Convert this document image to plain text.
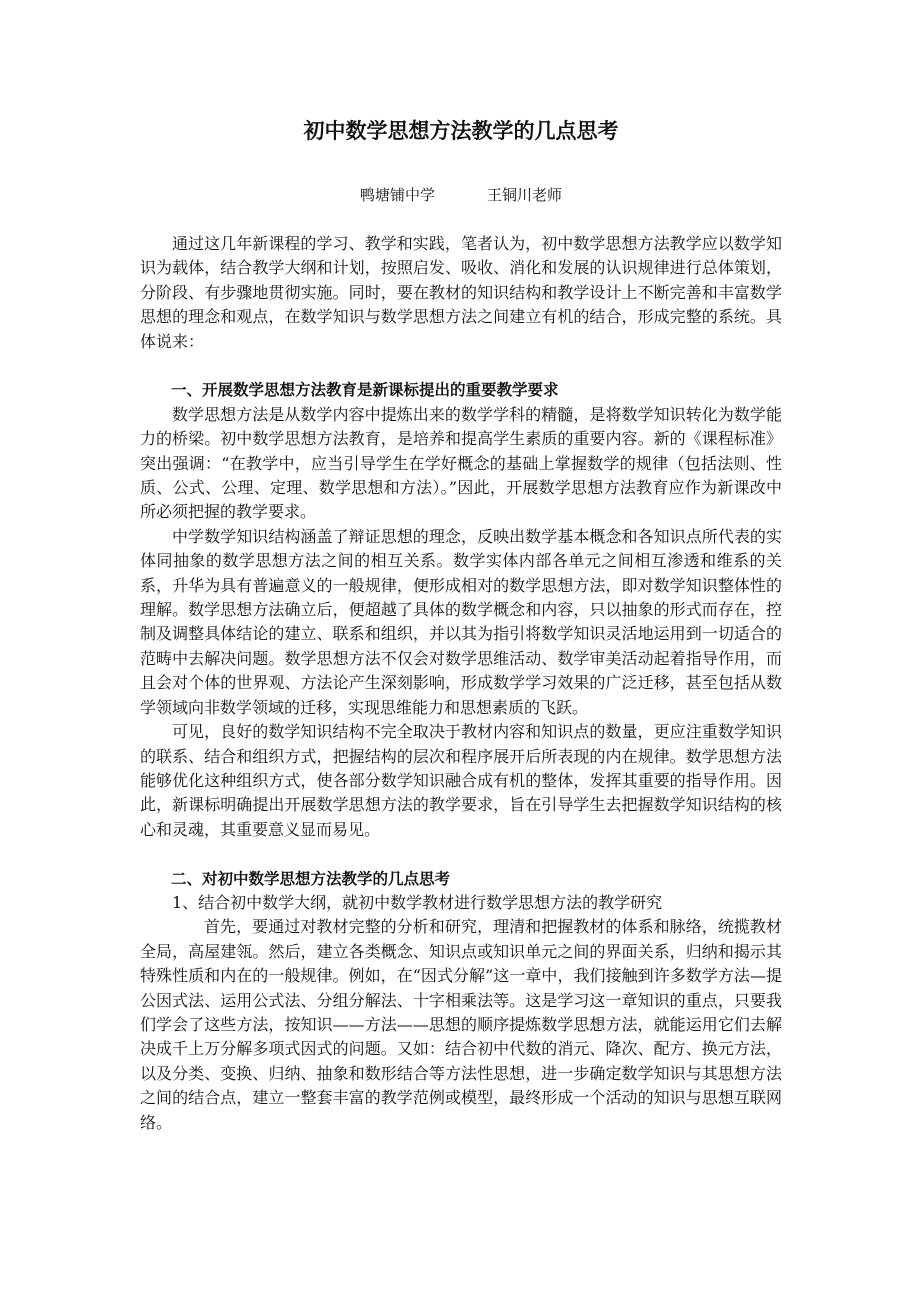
初中数学思想方法教学的几点思考

鸭塘铺中学	王铜川老师

通过这几年新课程的学习、教学和实践，笔者认为，初中数学思想方法教学应以数学知识为载体，结合教学大纲和计划，按照启发、吸收、消化和发展的认识规律进行总体策划，分阶段、有步骤地贯彻实施。同时，要在教材的知识结构和教学设计上不断完善和丰富数学思想的理念和观点，在数学知识与数学思想方法之间建立有机的结合，形成完整的系统。具体说来：

一、开展数学思想方法教育是新课标提出的重要教学要求

数学思想方法是从数学内容中提炼出来的数学学科的精髓，是将数学知识转化为数学能力的桥梁。初中数学思想方法教育，是培养和提高学生素质的重要内容。新的《课程标准》突出强调：“在教学中，应当引导学生在学好概念的基础上掌握数学的规律（包括法则、性质、公式、公理、定理、数学思想和方法）。”因此，开展数学思想方法教育应作为新课改中所必须把握的教学要求。

中学数学知识结构涵盖了辩证思想的理念，反映出数学基本概念和各知识点所代表的实体同抽象的数学思想方法之间的相互关系。数学实体内部各单元之间相互渗透和维系的关系，升华为具有普遍意义的一般规律，便形成相对的数学思想方法，即对数学知识整体性的理解。数学思想方法确立后，便超越了具体的数学概念和内容，只以抽象的形式而存在，控制及调整具体结论的建立、联系和组织，并以其为指引将数学知识灵活地运用到一切适合的范畴中去解决问题。数学思想方法不仅会对数学思维活动、数学审美活动起着指导作用，而且会对个体的世界观、方法论产生深刻影响，形成数学学习效果的广泛迁移，甚至包括从数学领域向非数学领域的迁移，实现思维能力和思想素质的飞跃。

可见，良好的数学知识结构不完全取决于教材内容和知识点的数量，更应注重数学知识的联系、结合和组织方式，把握结构的层次和程序展开后所表现的内在规律。数学思想方法能够优化这种组织方式，使各部分数学知识融合成有机的整体，发挥其重要的指导作用。因此，新课标明确提出开展数学思想方法的教学要求，旨在引导学生去把握数学知识结构的核心和灵魂，其重要意义显而易见。

二、对初中数学思想方法教学的几点思考

1、结合初中数学大纲，就初中数学教材进行数学思想方法的教学研究

首先，要通过对教材完整的分析和研究，理清和把握教材的体系和脉络，统揽教材全局，高屋建瓴。然后，建立各类概念、知识点或知识单元之间的界面关系，归纳和揭示其特殊性质和内在的一般规律。例如，在“因式分解”这一章中，我们接触到许多数学方法—提公因式法、运用公式法、分组分解法、十字相乘法等。这是学习这一章知识的重点，只要我们学会了这些方法，按知识——方法——思想的顺序提炼数学思想方法，就能运用它们去解决成千上万分解多项式因式的问题。又如：结合初中代数的消元、降次、配方、换元方法，以及分类、变换、归纳、抽象和数形结合等方法性思想，进一步确定数学知识与其思想方法之间的结合点，建立一整套丰富的教学范例或模型，最终形成一个活动的知识与思想互联网络。
